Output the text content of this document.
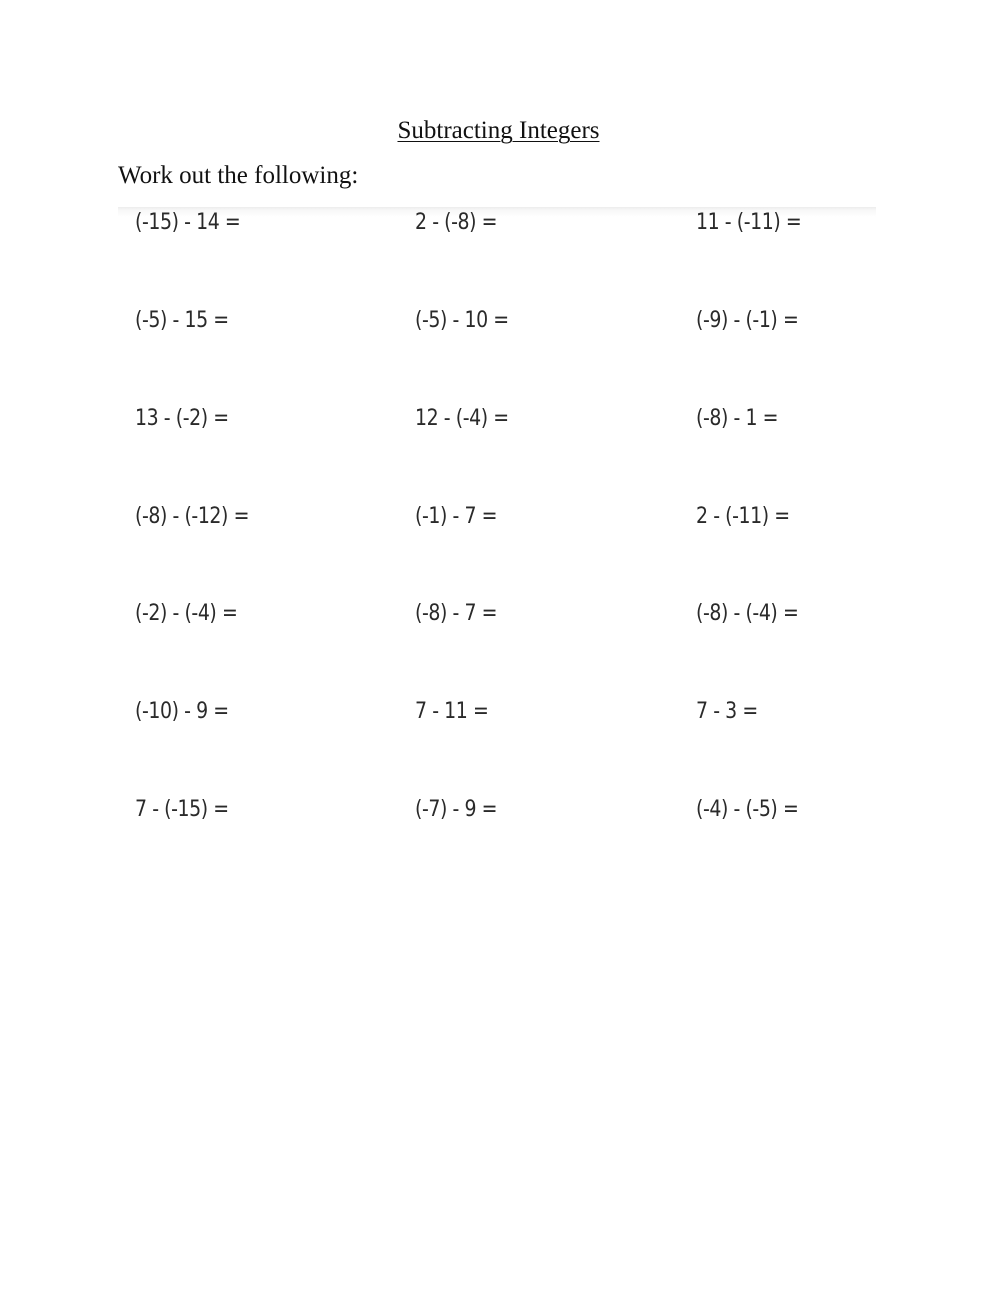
Subtracting Integers
Work out the following:
(-15) - 14 =	2 - (-8) =	11 - (-11) =
(-5) - 15 =	(-5) - 10 =	(-9) - (-1) =
13 - (-2) =	12 - (-4) =	(-8) - 1 =
(-8) - (-12) =	(-1) - 7 =	2 - (-11) =
(-2) - (-4) =	(-8) - 7 =	(-8) - (-4) =
(-10) - 9 =	7 - 11 =	7 - 3 =
7 - (-15) =	(-7) - 9 =	(-4) - (-5) =
